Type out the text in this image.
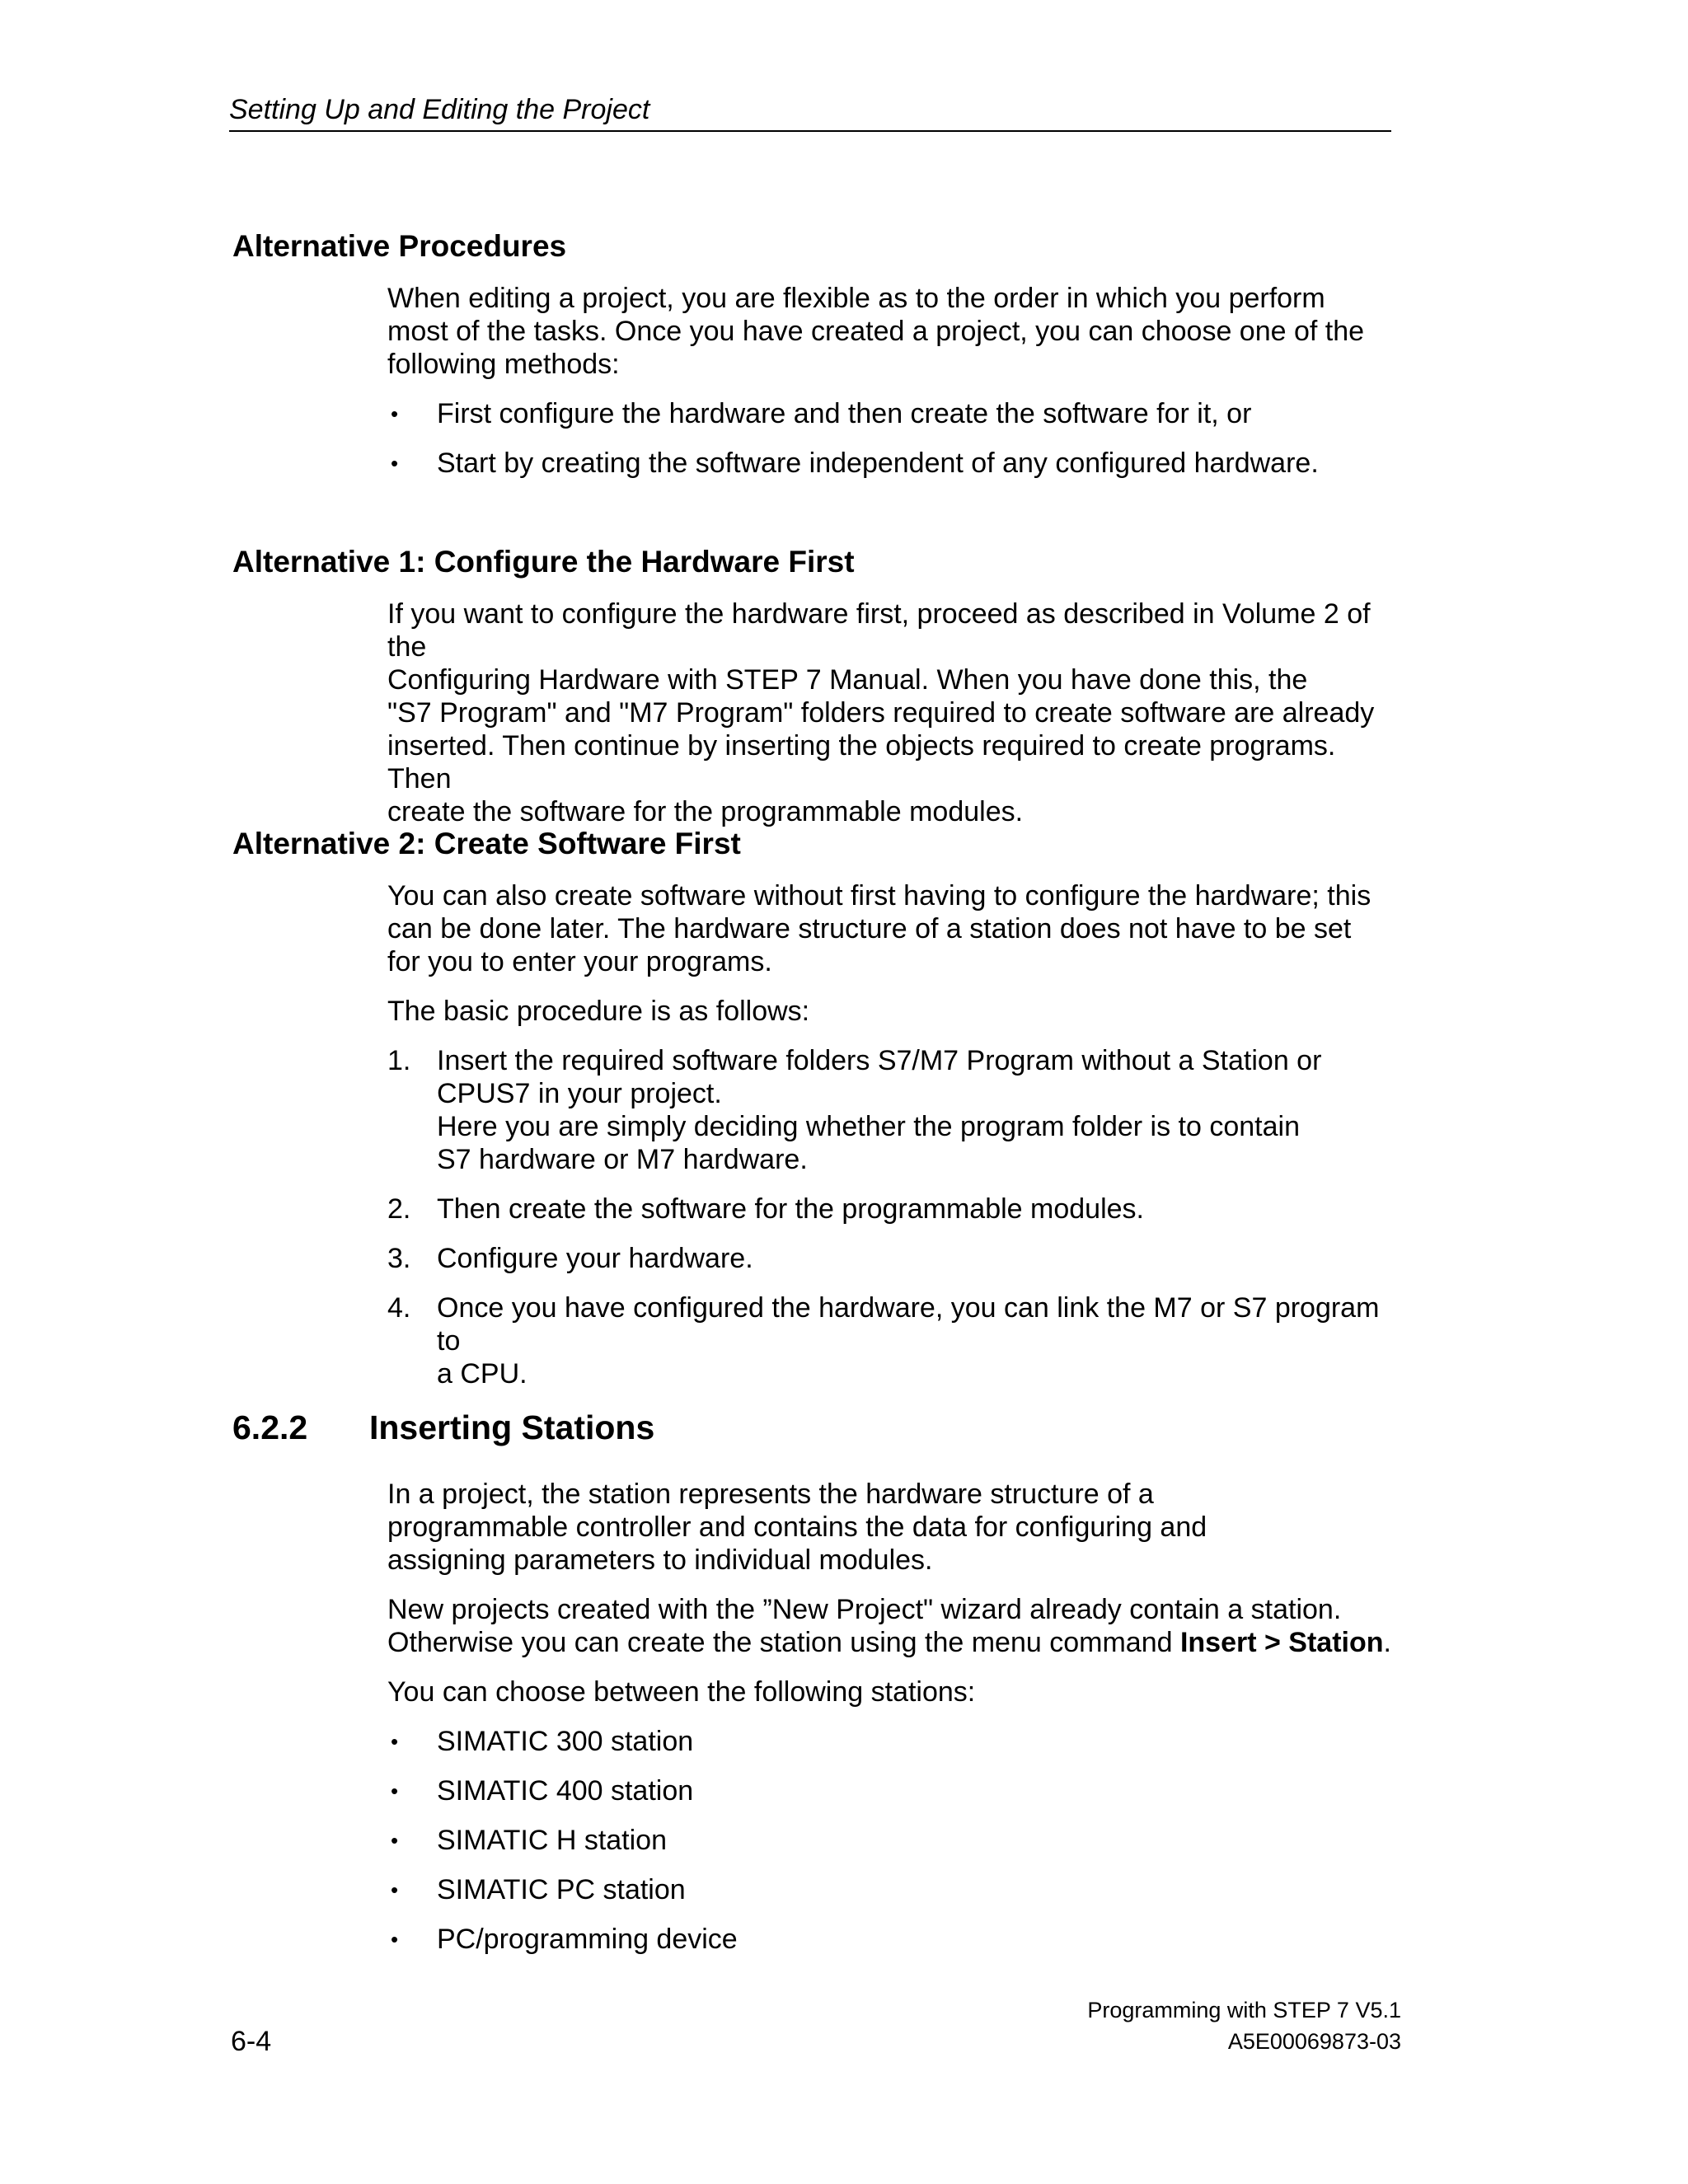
Setting Up and Editing the Project
Alternative Procedures

When editing a project, you are flexible as to the order in which you perform most of the tasks. Once you have created a project, you can choose one of the following methods:

• First configure the hardware and then create the software for it, or
• Start by creating the software independent of any configured hardware.
Alternative 1: Configure the Hardware First
If you want to configure the hardware first, proceed as described in Volume 2 of the
Configuring Hardware with STEP 7 Manual. When you have done this, the
"S7 Program" and "M7 Program" folders required to create software are already
inserted. Then continue by inserting the objects required to create programs. Then
create the software for the programmable modules.
Alternative 2: Create Software First

You can also create software without first having to configure the hardware; this can be done later. The hardware structure of a station does not have to be set for you to enter your programs.

The basic procedure is as follows:

1. Insert the required software folders S7/M7 Program without a Station or
CPUS7 in your project.
Here you are simply deciding whether the program folder is to contain
S7 hardware or M7 hardware.
2. Then create the software for the programmable modules.
3. Configure your hardware.
4. Once you have configured the hardware, you can link the M7 or S7 program to
a CPU.
6.2.2 Inserting Stations

In a project, the station represents the hardware structure of a programmable controller and contains the data for configuring and assigning parameters to individual modules.

New projects created with the ”New Project" wizard already contain a station.
Otherwise you can create the station using the menu command Insert > Station.

You can choose between the following stations:

• SIMATIC 300 station
• SIMATIC 400 station
• SIMATIC H station
• SIMATIC PC station
• PC/programming device
Programming with STEP 7 V5.1
A5E00069873-03
6-4
